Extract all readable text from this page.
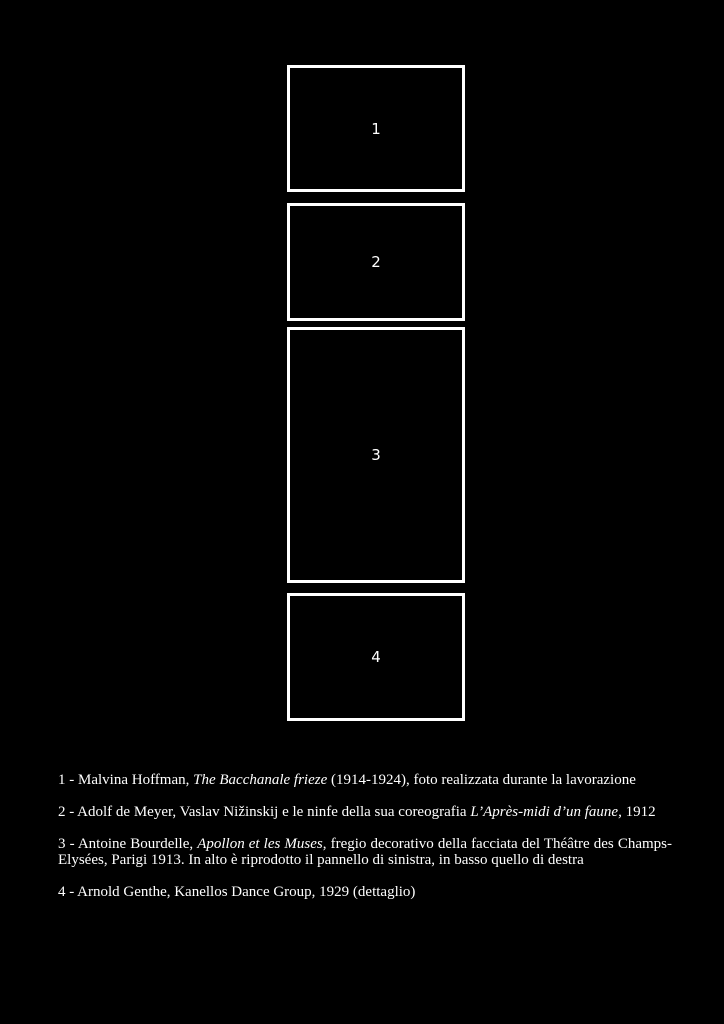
1
2
3
4

1 - Malvina Hoffman, The Bacchanale frieze (1914-1924), foto realizzata durante la lavorazione

2 - Adolf de Meyer, Vaslav Nižinskij e le ninfe della sua coreografia L’Après-midi d’un faune, 1912

3 - Antoine Bourdelle, Apollon et les Muses, fregio decorativo della facciata del Théâtre des Champs-Elysées, Parigi 1913. In alto è riprodotto il pannello di sinistra, in basso quello di destra

4 - Arnold Genthe, Kanellos Dance Group, 1929 (dettaglio)
